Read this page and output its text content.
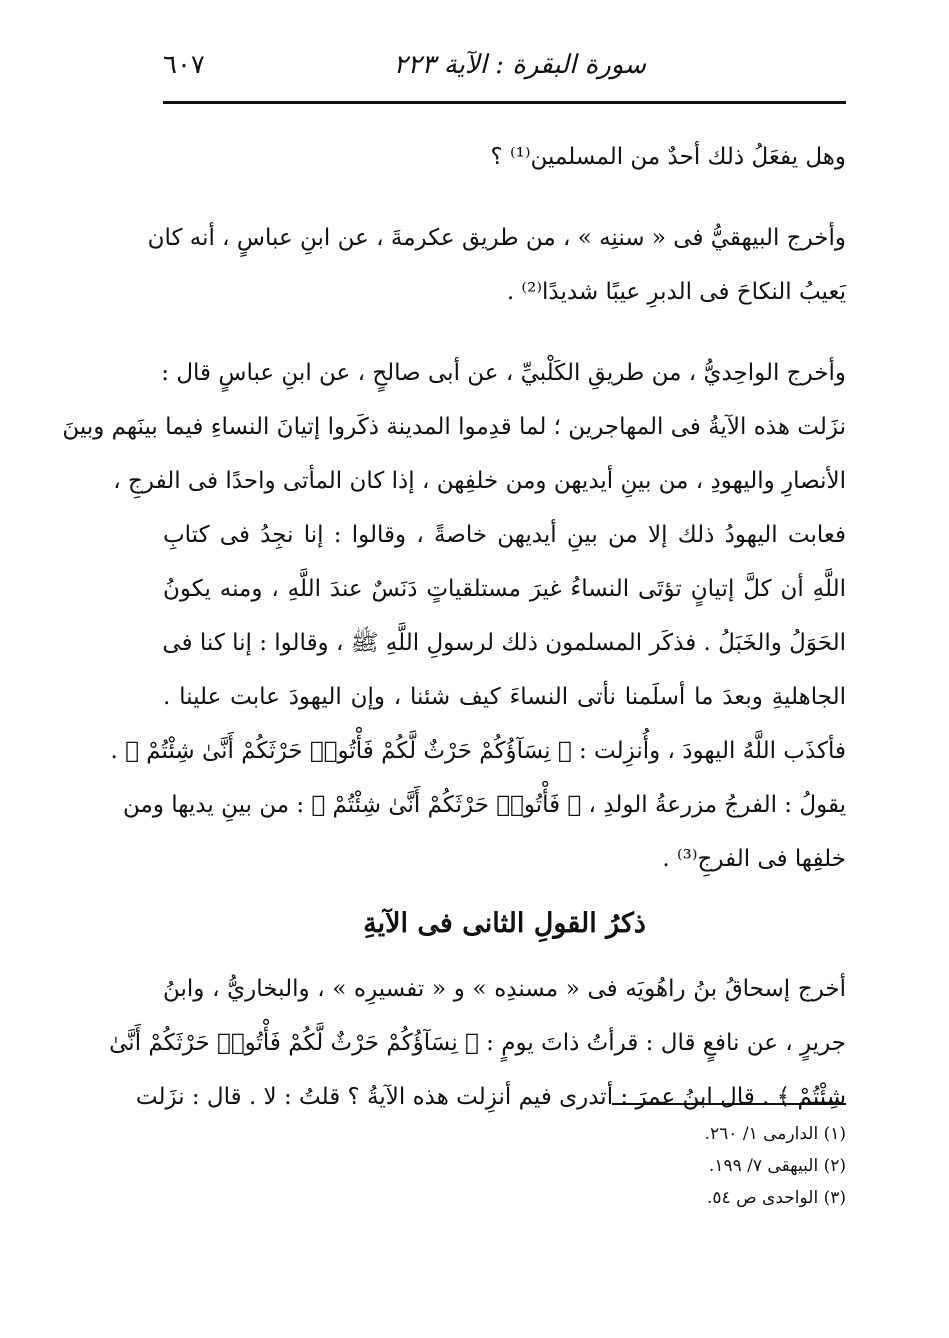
سورة البقرة : الآية ٢٢٣
٦٠٧
وهل يفعَلُ ذلك أحدٌ من المسلمين⁽¹⁾ ؟
وأخرج البيهقيُّ فى « سننِه » ، من طريق عكرمةَ ، عن ابنِ عباسٍ ، أنه كان
يَعيبُ النكاحَ فى الدبرِ عيبًا شديدًا⁽²⁾ .
وأخرج الواحِديُّ ، من طريقِ الكَلْبيِّ ، عن أبى صالحٍ ، عن ابنِ عباسٍ قال :
نزَلت هذه الآيةُ فى المهاجرين ؛ لما قدِموا المدينة ذكَروا إتيانَ النساءِ فيما بينَهم وبينَ
الأنصارِ واليهودِ ، من بينِ أيديهن ومن خلفِهن ، إذا كان المأتى واحدًا فى الفرجِ ،
فعابت اليهودُ ذلك إلا من بينِ أيديهن خاصةً ، وقالوا : إنا نجِدُ فى كتابِ
اللَّهِ أن كلَّ إتيانٍ تؤتَى النساءُ غيرَ مستلقياتٍ دَنَسٌ عندَ اللَّهِ ، ومنه يكونُ
الحَوَلُ والخَبَلُ . فذكَر المسلمون ذلك لرسولِ اللَّهِ ﷺ ، وقالوا : إنا كنا فى
الجاهليةِ وبعدَ ما أسلَمنا نأتى النساءَ كيف شئنا ، وإن اليهودَ عابت علينا .
فأكذَب اللَّهُ اليهودَ ، وأُنزِلت : ﴿ نِسَآؤُكُمْ حَرْثٌ لَّكُمْ فَأْتُوا۟ حَرْثَكُمْ أَنَّىٰ شِئْتُمْ ﴾ .
يقولُ : الفرجُ مزرعةُ الولدِ ، ﴿ فَأْتُوا۟ حَرْثَكُمْ أَنَّىٰ شِئْتُمْ ﴾ : من بينِ يديها ومن
خلفِها فى الفرجِ⁽³⁾ .
ذكرُ القولِ الثانى فى الآيةِ
أخرج إسحاقُ بنُ راهُويَه فى « مسندِه » و « تفسيرِه » ، والبخاريُّ ، وابنُ
جريرٍ ، عن نافعٍ قال : قرأتُ ذاتَ يومٍ : ﴿ نِسَآؤُكُمْ حَرْثٌ لَّكُمْ فَأْتُوا۟ حَرْثَكُمْ أَنَّىٰ
شِئْتُمْ ﴾ . قال ابنُ عمرَ : أتدرى فيم أنزِلت هذه الآيةُ ؟ قلتُ : لا . قال : نزَلت
(١) الدارمى ١/ ٢٦٠.
(٢) البيهقى ٧/ ١٩٩.
(٣) الواحدى ص ٥٤.
